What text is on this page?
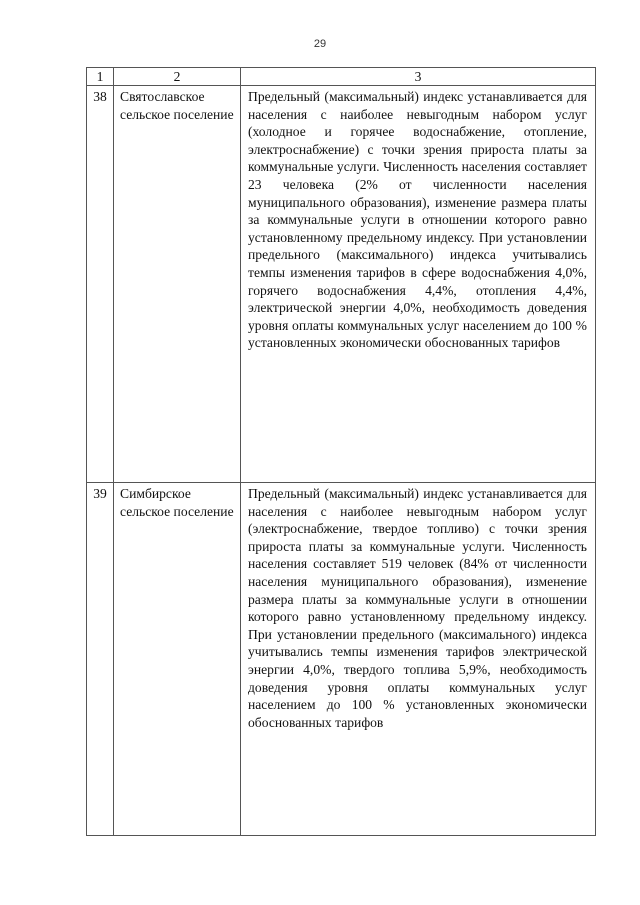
29
1	2	3
38	Святославское сельское поселение	Предельный (максимальный) индекс устанавливается для населения с наиболее невыгодным набором услуг (холодное и горячее водоснабжение, отопление, электроснабжение) с точки зрения прироста платы за коммунальные услуги. Численность населения составляет 23 человека (2% от численности населения муниципального образования), изменение размера платы за коммунальные услуги в отношении которого равно установленному предельному индексу. При установлении предельного (максимального) индекса учитывались темпы изменения тарифов в сфере водоснабжения 4,0%, горячего водоснабжения 4,4%, отопления 4,4%, электрической энергии 4,0%, необходимость доведения уровня оплаты коммунальных услуг населением до 100 % установленных экономически обоснованных тарифов
39	Симбирское сельское поселение	Предельный (максимальный) индекс устанавливается для населения с наиболее невыгодным набором услуг (электроснабжение, твердое топливо) с точки зрения прироста платы за коммунальные услуги. Численность населения составляет 519 человек (84% от численности населения муниципального образования), изменение размера платы за коммунальные услуги в отношении которого равно установленному предельному индексу. При установлении предельного (максимального) индекса учитывались темпы изменения тарифов электрической энергии 4,0%, твердого топлива 5,9%, необходимость доведения уровня оплаты коммунальных услуг населением до 100 % установленных экономически обоснованных тарифов
